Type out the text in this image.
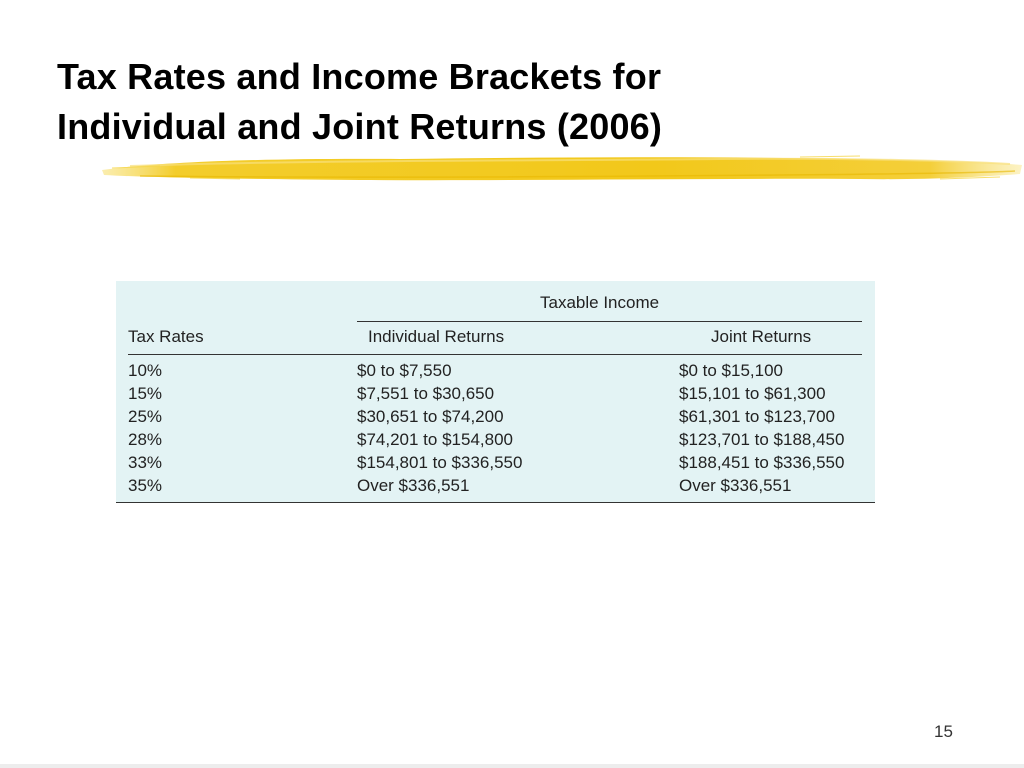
Tax Rates and Income Brackets for
Individual and Joint Returns (2006)
Taxable Income
Tax Rates	Individual Returns	Joint Returns
10%	$0 to $7,550	$0 to $15,100
15%	$7,551 to $30,650	$15,101 to $61,300
25%	$30,651 to $74,200	$61,301 to $123,700
28%	$74,201 to $154,800	$123,701 to $188,450
33%	$154,801 to $336,550	$188,451 to $336,550
35%	Over $336,551	Over $336,551
15
